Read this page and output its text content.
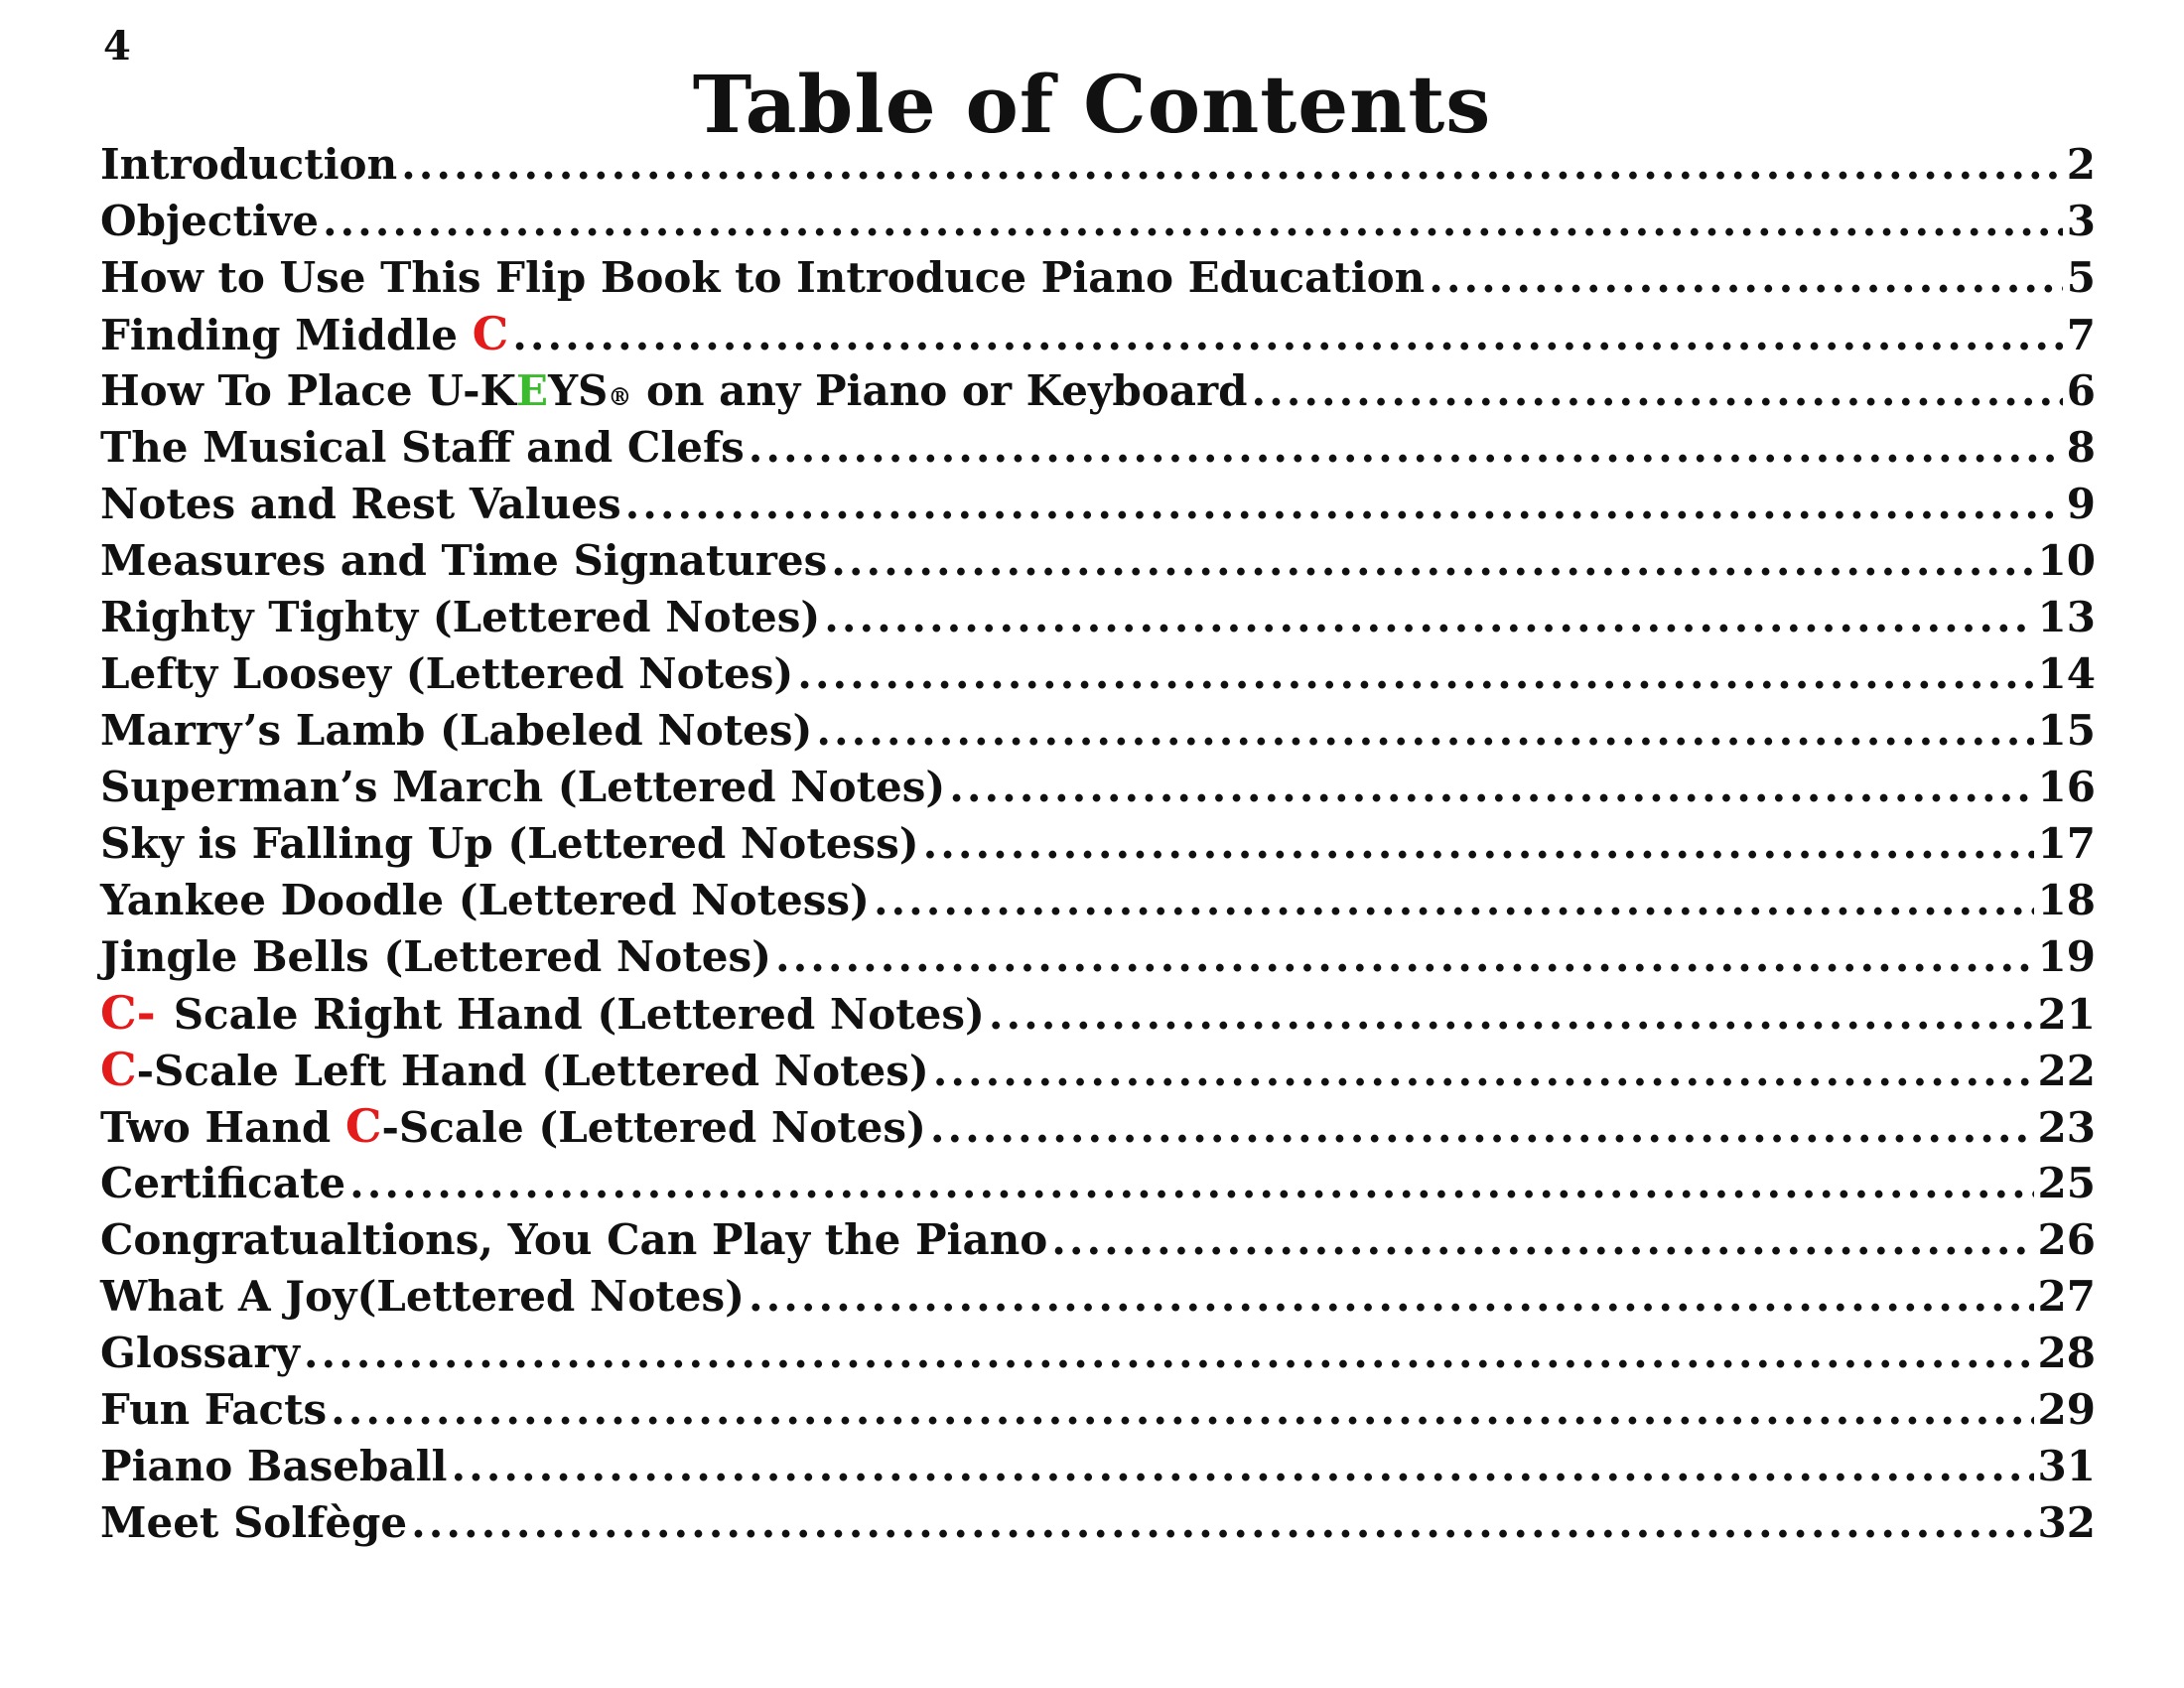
4
Table of Contents
Introduction .....	2
Objective .....	3
How to Use This Flip Book to Introduce Piano Education .....	5
Finding Middle C .....	7
How To Place U-KEYS® on any Piano or Keyboard .....	6
The Musical Staff and Clefs .....	8
Notes and Rest Values .....	9
Measures and Time Signatures .....	10
Righty Tighty (Lettered Notes) .....	13
Lefty Loosey (Lettered Notes) .....	14
Marry’s Lamb (Labeled Notes) .....	15
Superman’s March (Lettered Notes) .....	16
Sky is Falling Up (Lettered Notess) .....	17
Yankee Doodle (Lettered Notess) .....	18
Jingle Bells (Lettered Notes) .....	19
C- Scale Right Hand (Lettered Notes) .....	21
C-Scale Left Hand (Lettered Notes) .....	22
Two Hand C-Scale (Lettered Notes) .....	23
Certificate .....	25
Congratualtions, You Can Play the Piano .....	26
What A Joy(Lettered Notes) .....	27
Glossary .....	28
Fun Facts .....	29
Piano Baseball .....	31
Meet Solfège .....	32
